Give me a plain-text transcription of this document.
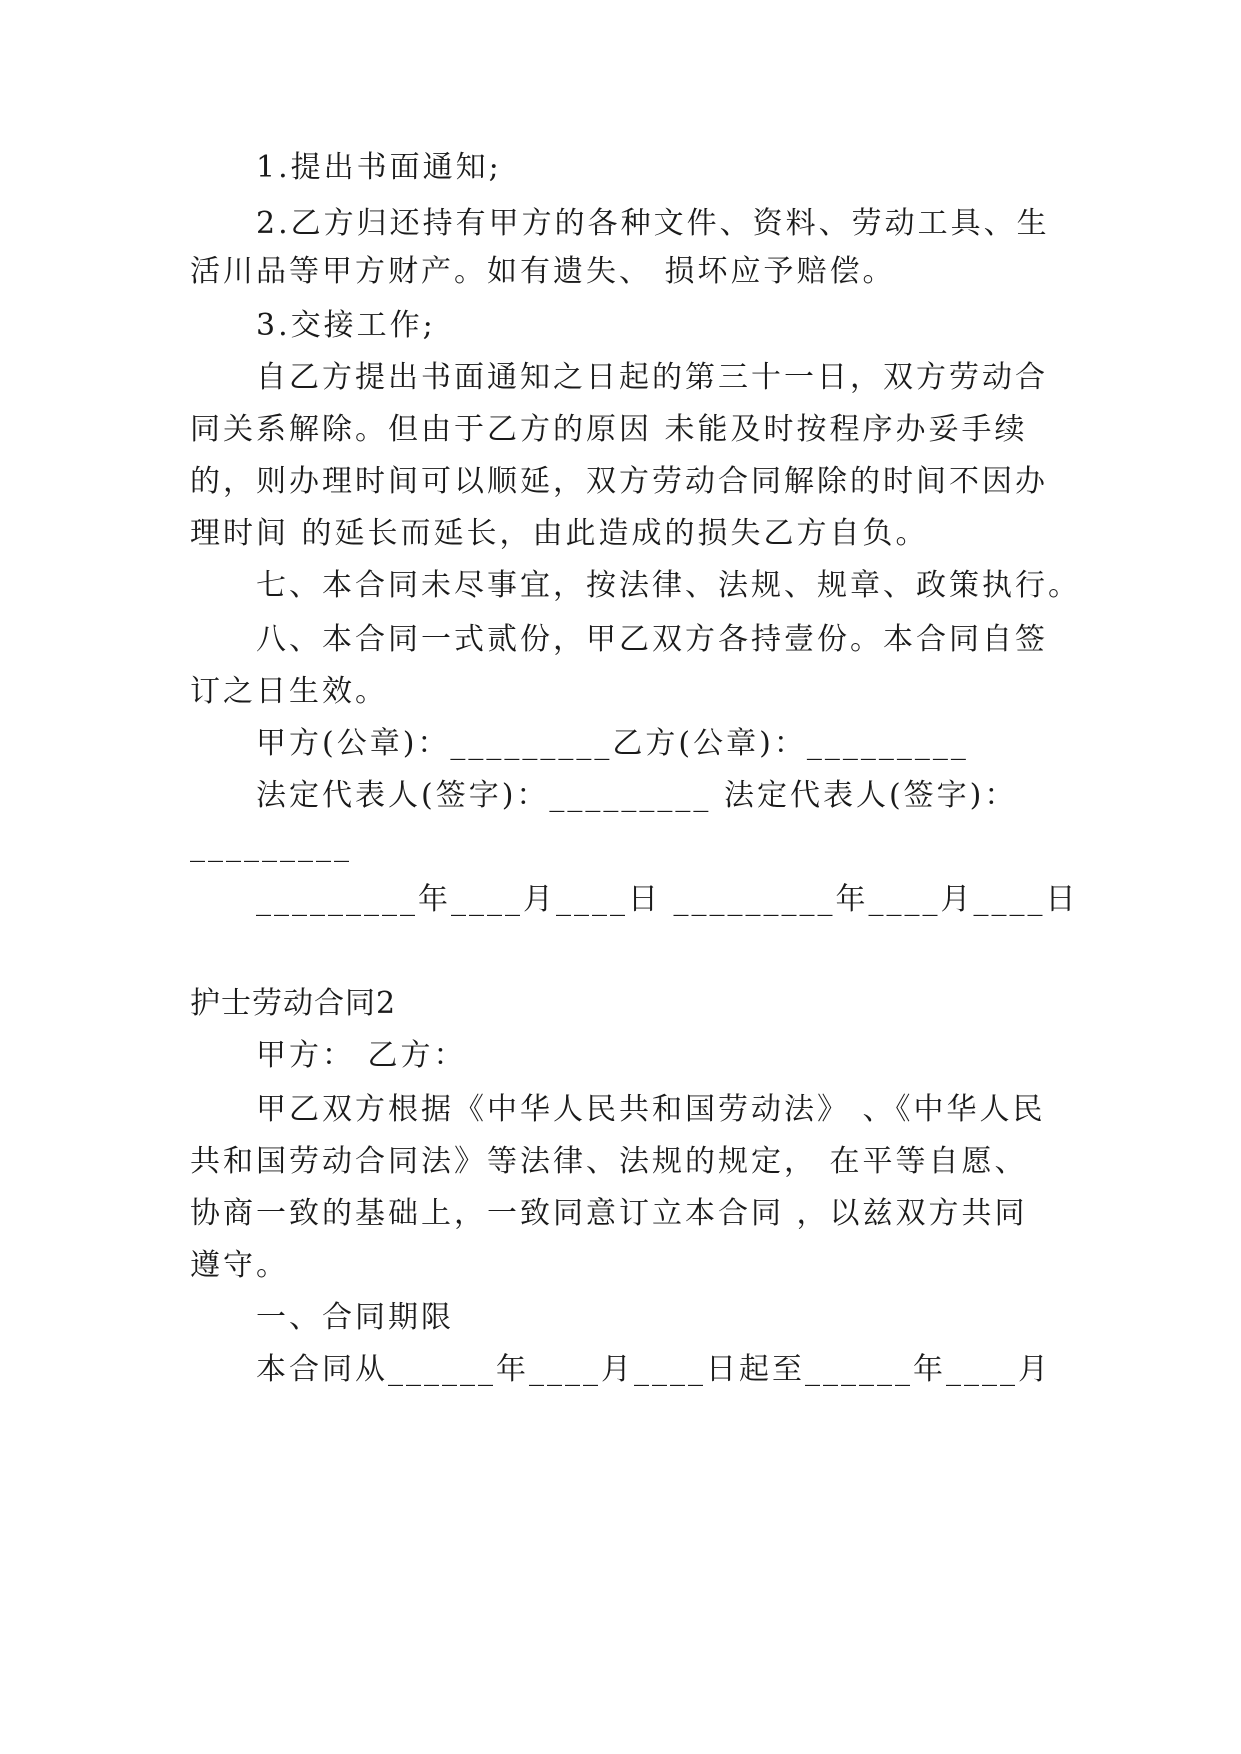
1.提出书面通知;
2.乙方归还持有甲方的各种文件、资料、劳动工具、生
活川品等甲方财产。如有遗失、 损坏应予赔偿。
3.交接工作;
自乙方提出书面通知之日起的第三十一日，双方劳动合
同关系解除。但由于乙方的原因 未能及时按程序办妥手续
的，则办理时间可以顺延，双方劳动合同解除的时间不因办
理时间 的延长而延长，由此造成的损失乙方自负。
七、本合同未尽事宜，按法律、法规、规章、政策执行。
八、本合同一式贰份，甲乙双方各持壹份。本合同自签
订之日生效。
甲方(公章)：_________乙方(公章)：_________
法定代表人(签字)：_________ 法定代表人(签字)：
_________
_________年____月____日 _________年____月____日
护士劳动合同2
甲方： 乙方：
甲乙双方根据《中华人民共和国劳动法》 、《中华人民
共和国劳动合同法》等法律、法规的规定， 在平等自愿、
协商一致的基础上，一致同意订立本合同 ，以兹双方共同
遵守。
一、合同期限
本合同从______年____月____日起至______年____月
